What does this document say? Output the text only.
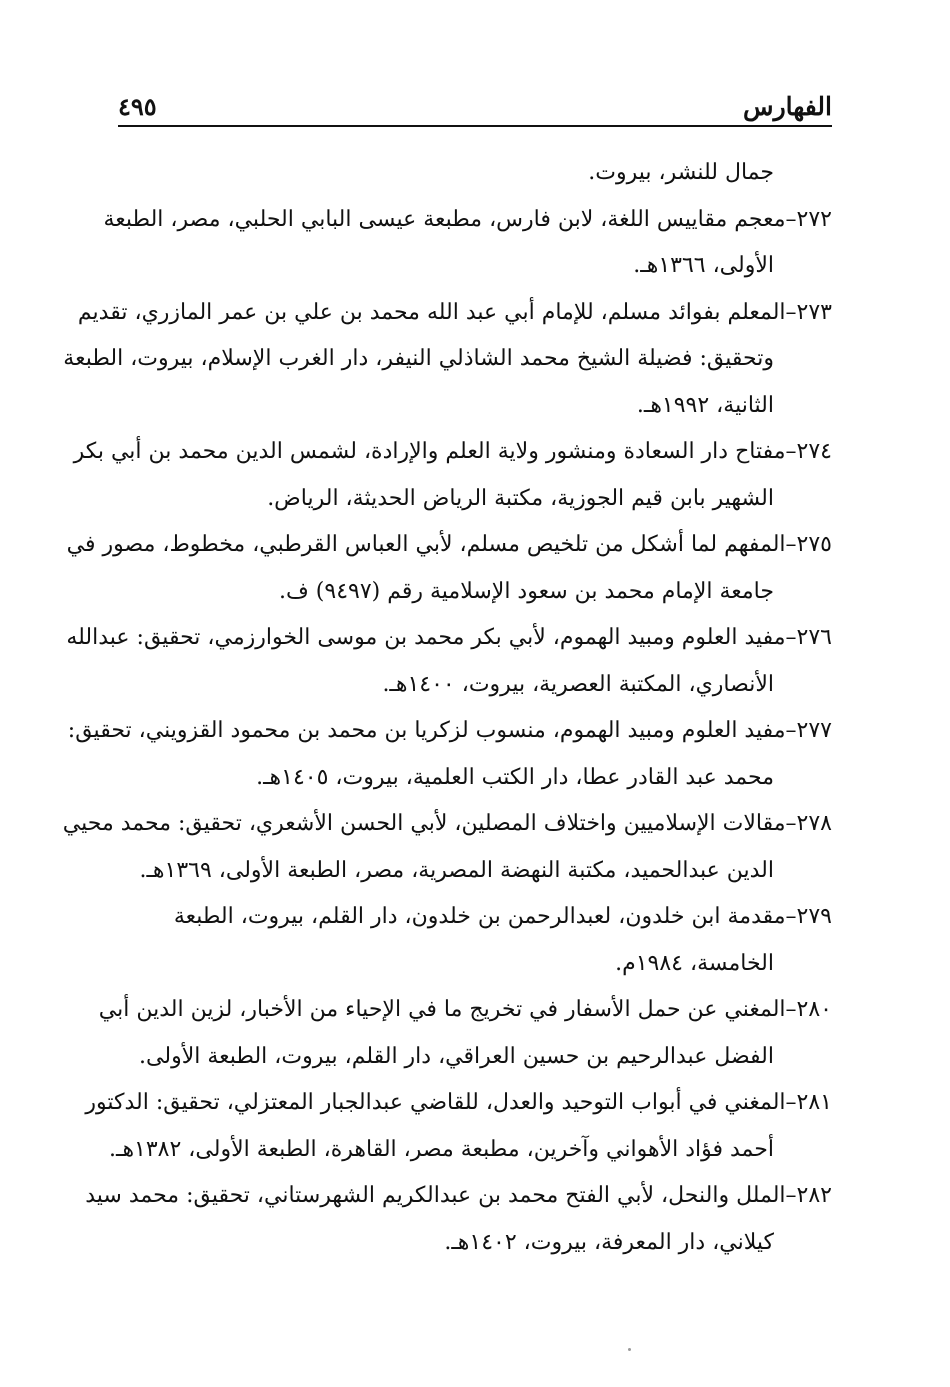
الفهارس
٤٩٥
جمال للنشر، بيروت.
٢٧٢–معجم مقاييس اللغة، لابن فارس، مطبعة عيسى البابي الحلبي، مصر، الطبعة
الأولى، ١٣٦٦هـ.
٢٧٣–المعلم بفوائد مسلم، للإمام أبي عبد الله محمد بن علي بن عمر المازري، تقديم
وتحقيق: فضيلة الشيخ محمد الشاذلي النيفر، دار الغرب الإسلام، بيروت، الطبعة
الثانية، ١٩٩٢هـ.
٢٧٤–مفتاح دار السعادة ومنشور ولاية العلم والإرادة، لشمس الدين محمد بن أبي بكر
الشهير بابن قيم الجوزية، مكتبة الرياض الحديثة، الرياض.
٢٧٥–المفهم لما أشكل من تلخيص مسلم، لأبي العباس القرطبي، مخطوط، مصور في
جامعة الإمام محمد بن سعود الإسلامية رقم (٩٤٩٧) ف.
٢٧٦–مفيد العلوم ومبيد الهموم، لأبي بكر محمد بن موسى الخوارزمي، تحقيق: عبدالله
الأنصاري، المكتبة العصرية، بيروت، ١٤٠٠هـ.
٢٧٧–مفيد العلوم ومبيد الهموم، منسوب لزكريا بن محمد بن محمود القزويني، تحقيق:
محمد عبد القادر عطا، دار الكتب العلمية، بيروت، ١٤٠٥هـ.
٢٧٨–مقالات الإسلاميين واختلاف المصلين، لأبي الحسن الأشعري، تحقيق: محمد محيي
الدين عبدالحميد، مكتبة النهضة المصرية، مصر، الطبعة الأولى، ١٣٦٩هـ.
٢٧٩–مقدمة ابن خلدون، لعبدالرحمن بن خلدون، دار القلم، بيروت، الطبعة
الخامسة، ١٩٨٤م.
٢٨٠–المغني عن حمل الأسفار في تخريج ما في الإحياء من الأخبار، لزين الدين أبي
الفضل عبدالرحيم بن حسين العراقي، دار القلم، بيروت، الطبعة الأولى.
٢٨١–المغني في أبواب التوحيد والعدل، للقاضي عبدالجبار المعتزلي، تحقيق: الدكتور
أحمد فؤاد الأهواني وآخرين، مطبعة مصر، القاهرة، الطبعة الأولى، ١٣٨٢هـ.
٢٨٢–الملل والنحل، لأبي الفتح محمد بن عبدالكريم الشهرستاني، تحقيق: محمد سيد
كيلاني، دار المعرفة، بيروت، ١٤٠٢هـ.
